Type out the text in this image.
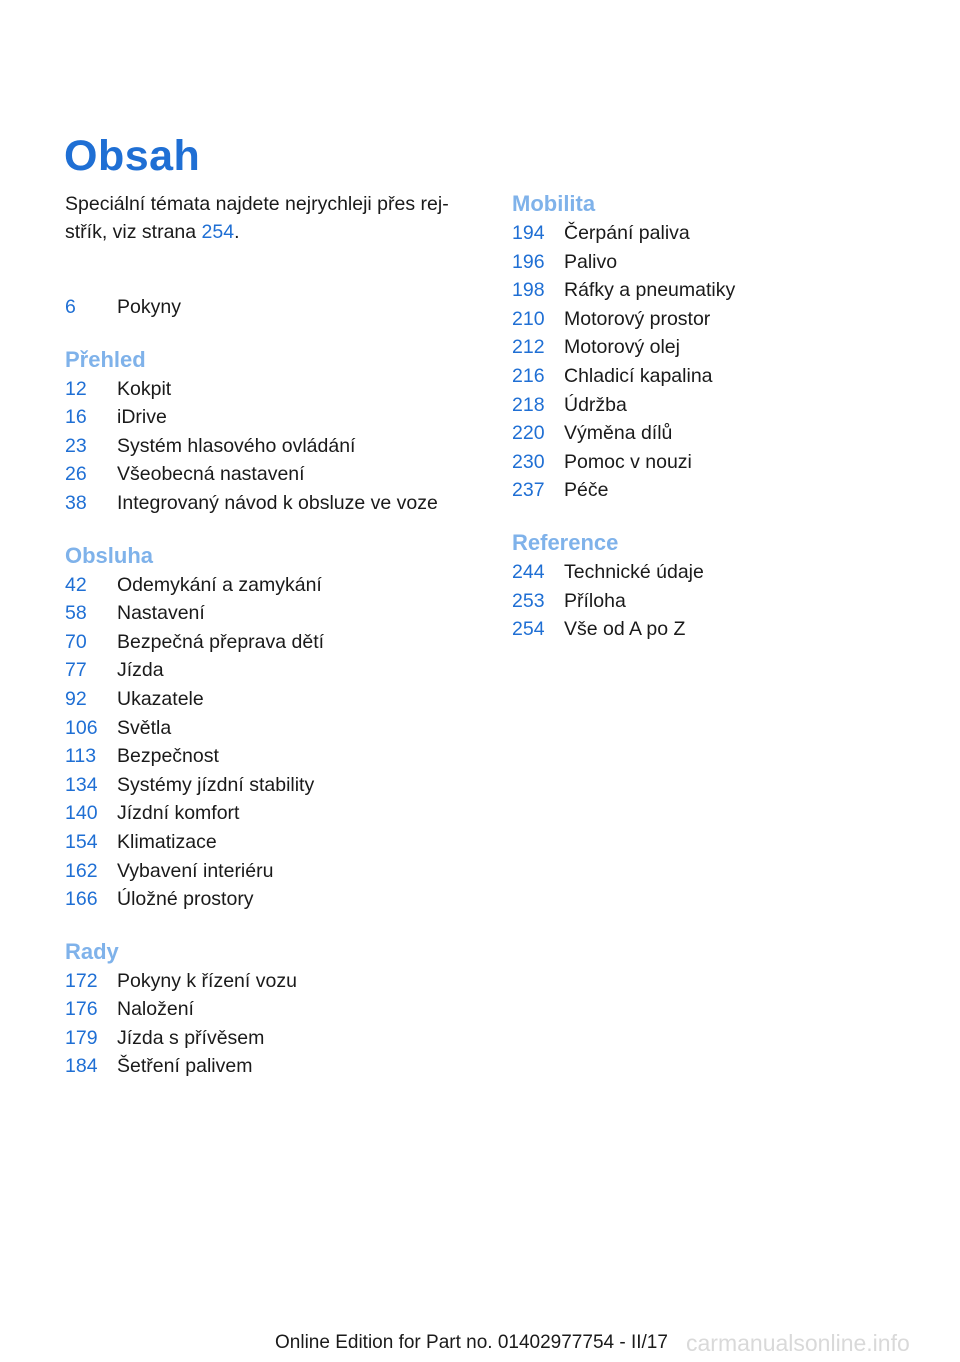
Obsah
Speciální témata najdete nejrychleji přes rej‐
střík, viz strana 254.
6	Pokyny
Přehled
12	Kokpit
16	iDrive
23	Systém hlasového ovládání
26	Všeobecná nastavení
38	Integrovaný návod k obsluze ve voze
Obsluha
42	Odemykání a zamykání
58	Nastavení
70	Bezpečná přeprava dětí
77	Jízda
92	Ukazatele
106 Světla
113	Bezpečnost
134 Systémy jízdní stability
140 Jízdní komfort
154 Klimatizace
162 Vybavení interiéru
166 Úložné prostory
Rady
172 Pokyny k řízení vozu
176 Naložení
179 Jízda s přívěsem
184 Šetření palivem
Mobilita
194 Čerpání paliva
196 Palivo
198 Ráfky a pneumatiky
210 Motorový prostor
212 Motorový olej
216 Chladicí kapalina
218 Údržba
220 Výměna dílů
230 Pomoc v nouzi
237 Péče
Reference
244 Technické údaje
253 Příloha
254 Vše od A po Z
Online Edition for Part no. 01402977754 - II/17 carmanualsonline.info
